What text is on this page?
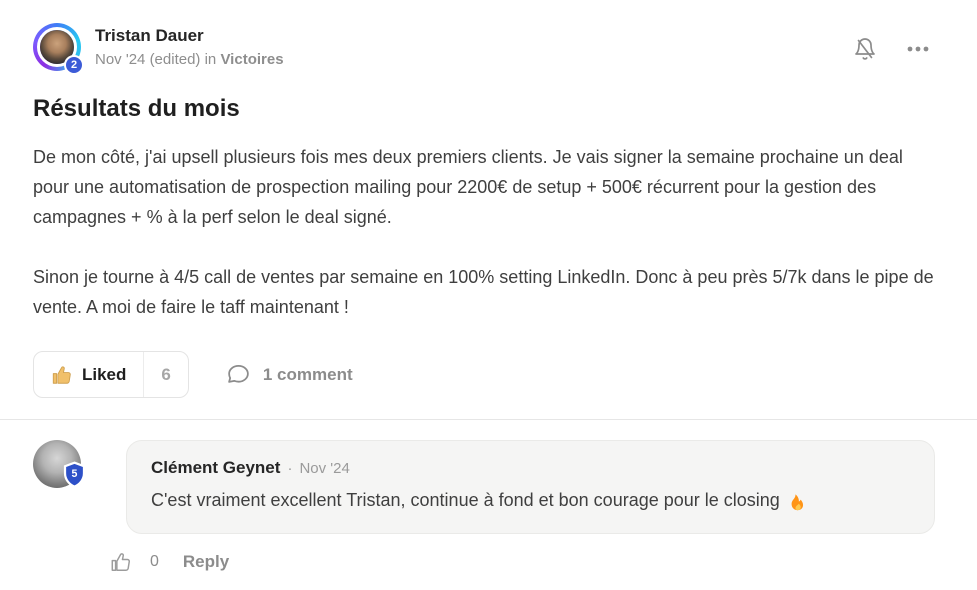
2
Tristan Dauer
Nov '24 (edited) in Victoires
Résultats du mois

De mon côté, j'ai upsell plusieurs fois mes deux premiers clients. Je vais signer la semaine prochaine un deal pour une automatisation de prospection mailing pour 2200€ de setup + 500€ récurrent pour la gestion des campagnes + % à la perf selon le deal signé.

Sinon je tourne à 4/5 call de ventes par semaine en 100% setting LinkedIn. Donc à peu près 5/7k dans le pipe de vente. A moi de faire le taff maintenant !

Liked	6	1 comment
5	Clément Geynet · Nov '24
C'est vraiment excellent Tristan, continue à fond et bon courage pour le closing
0 Reply
